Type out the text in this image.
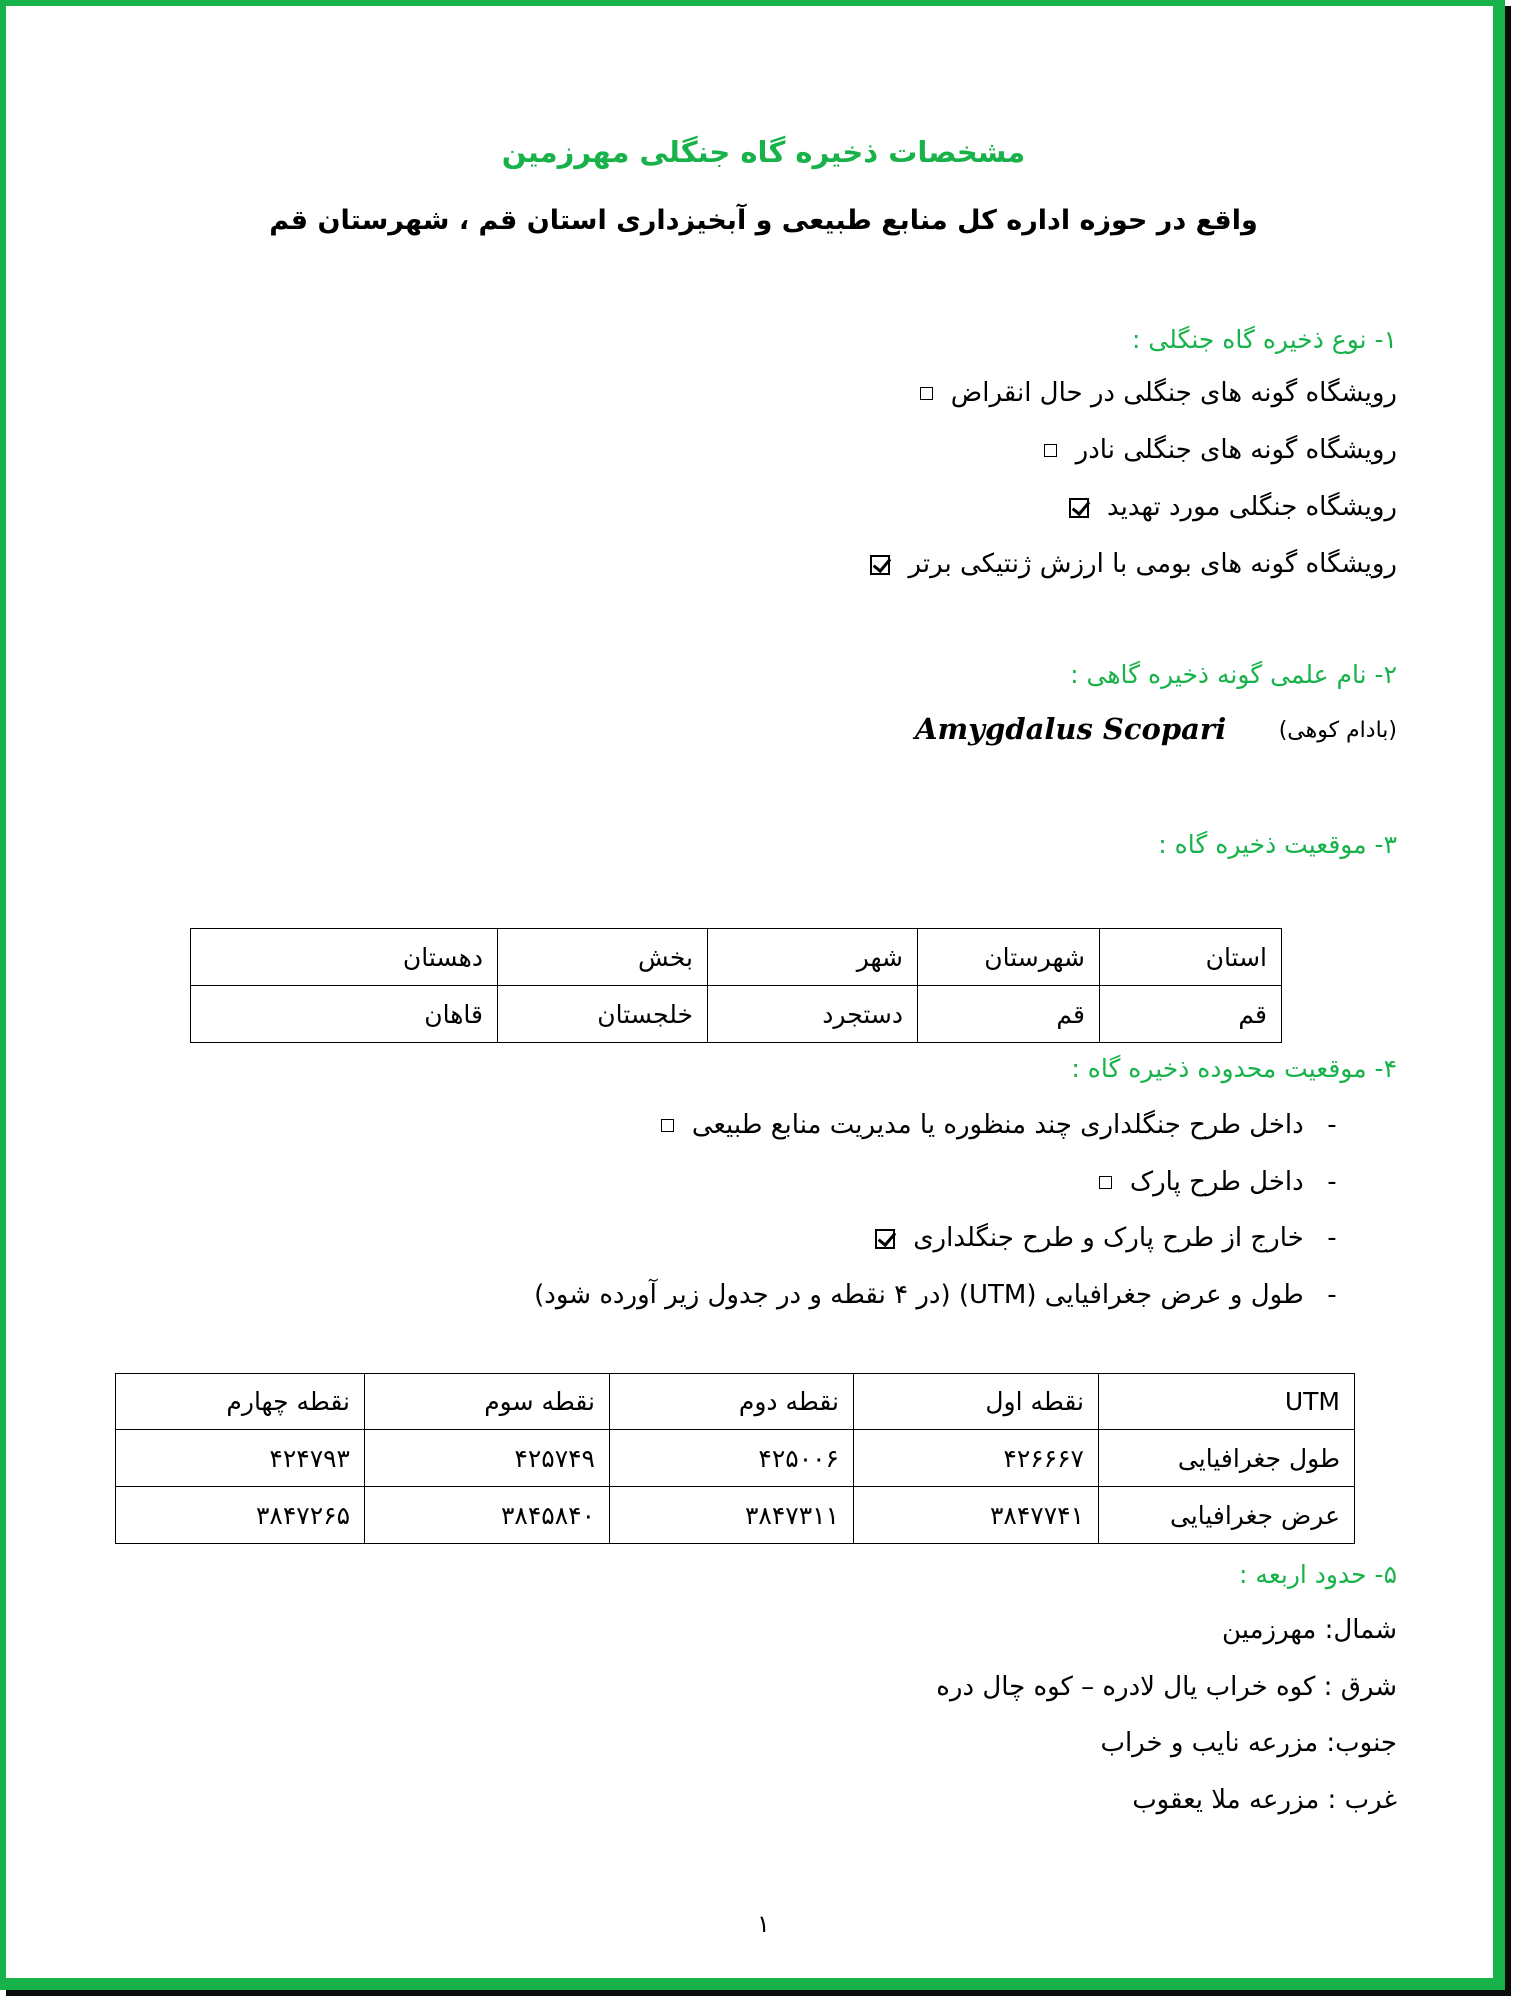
مشخصات ذخیره گاه جنگلی مهرزمین
واقع در حوزه اداره کل منابع طبیعی و آبخیزداری استان قم ، شهرستان قم
۱- نوع ذخیره گاه جنگلی :
رویشگاه گونه های جنگلی در حال انقراض
رویشگاه گونه های جنگلی نادر
رویشگاه جنگلی مورد تهدید
رویشگاه گونه های بومی با ارزش ژنتیکی برتر
۲- نام علمی گونه ذخیره گاهی :
(بادام کوهی)
Amygdalus Scopari
۳- موقعیت ذخیره گاه :
استان	شهرستان	شهر	بخش	دهستان
قم	قم	دستجرد	خلجستان	قاهان
۴- موقعیت محدوده ذخیره گاه :
- داخل طرح جنگلداری چند منظوره یا مدیریت منابع طبیعی
- داخل طرح پارک
- خارج از طرح پارک و طرح جنگلداری
- طول و عرض جغرافیایی (UTM) (در ۴ نقطه و در جدول زیر آورده شود)
UTM	نقطه اول	نقطه دوم	نقطه سوم	نقطه چهارم
طول جغرافیایی	۴۲۶۶۶۷	۴۲۵۰۰۶	۴۲۵۷۴۹	۴۲۴۷۹۳
عرض جغرافیایی	۳۸۴۷۷۴۱	۳۸۴۷۳۱۱	۳۸۴۵۸۴۰	۳۸۴۷۲۶۵
۵- حدود اربعه :
شمال: مهرزمین
شرق : کوه خراب یال لادره – کوه چال دره
جنوب: مزرعه نایب و خراب
غرب : مزرعه ملا یعقوب
۱
